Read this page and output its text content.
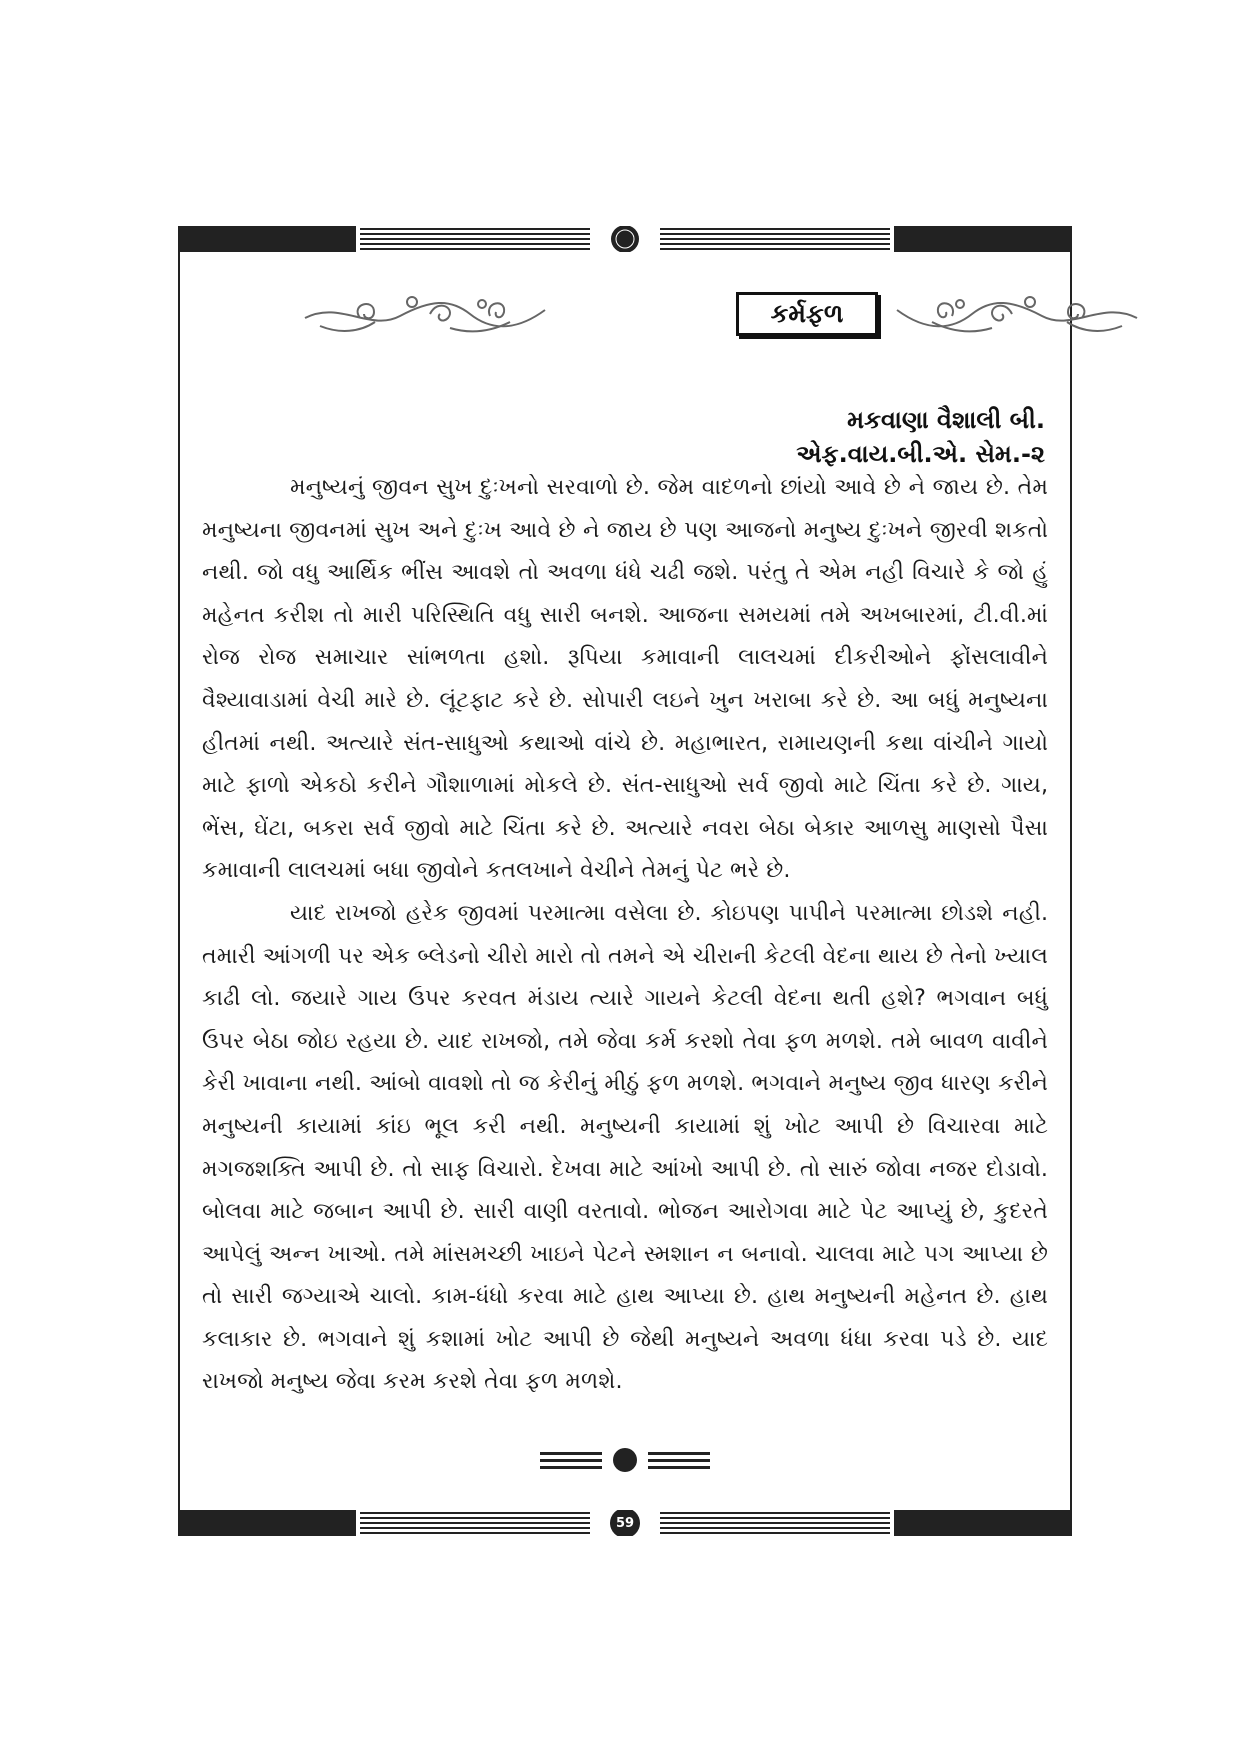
કર્મફળ
મકવાણા વૈશાલી બી.
એફ.વાય.બી.એ. સેમ.-૨

મનુષ્યનું જીવન સુખ દુઃખનો સરવાળો છે. જેમ વાદળનો છાંયો આવે છે ને જાય છે. તેમ મનુષ્યના જીવનમાં સુખ અને દુઃખ આવે છે ને જાય છે પણ આજનો મનુષ્ય દુઃખને જીરવી શકતો નથી. જો વધુ આર્થિક ભીંસ આવશે તો અવળા ધંધે ચઢી જશે. પરંતુ તે એમ નહી વિચારે કે જો હું મહેનત કરીશ તો મારી પરિસ્થિતિ વધુ સારી બનશે. આજના સમયમાં તમે અખબારમાં, ટી.વી.માં રોજ રોજ સમાચાર સાંભળતા હશો. રૂપિયા કમાવાની લાલચમાં દીકરીઓને ફોંસલાવીને વૈશ્યાવાડામાં વેચી મારે છે. લૂંટફાટ કરે છે. સોપારી લઇને ખુન ખરાબા કરે છે. આ બધું મનુષ્યના હીતમાં નથી. અત્યારે સંત-સાધુઓ કથાઓ વાંચે છે. મહાભારત, રામાયણની કથા વાંચીને ગાયો માટે ફાળો એકઠો કરીને ગૌશાળામાં મોકલે છે. સંત-સાધુઓ સર્વ જીવો માટે ચિંતા કરે છે. ગાય, ભેંસ, ઘેંટા, બકરા સર્વ જીવો માટે ચિંતા કરે છે. અત્યારે નવરા બેઠા બેકાર આળસુ માણસો પૈસા કમાવાની લાલચમાં બધા જીવોને કતલખાને વેચીને તેમનું પેટ ભરે છે.

યાદ રાખજો હરેક જીવમાં પરમાત્મા વસેલા છે. કોઇપણ પાપીને પરમાત્મા છોડશે નહી. તમારી આંગળી પર એક બ્લેડનો ચીરો મારો તો તમને એ ચીરાની કેટલી વેદના થાય છે તેનો ખ્યાલ કાઢી લો. જયારે ગાય ઉપર કરવત મંડાય ત્યારે ગાયને કેટલી વેદના થતી હશે? ભગવાન બધું ઉપર બેઠા જોઇ રહયા છે. યાદ રાખજો, તમે જેવા કર્મ કરશો તેવા ફળ મળશે. તમે બાવળ વાવીને કેરી ખાવાના નથી. આંબો વાવશો તો જ કેરીનું મીઠું ફળ મળશે. ભગવાને મનુષ્ય જીવ ધારણ કરીને મનુષ્યની કાયામાં કાંઇ ભૂલ કરી નથી. મનુષ્યની કાયામાં શું ખોટ આપી છે વિચારવા માટે મગજશક્તિ આપી છે. તો સાફ વિચારો. દેખવા માટે આંખો આપી છે. તો સારું જોવા નજર દોડાવો. બોલવા માટે જબાન આપી છે. સારી વાણી વરતાવો. ભોજન આરોગવા માટે પેટ આપ્યું છે, કુદરતે આપેલું અન્ન ખાઓ. તમે માંસમચ્છી ખાઇને પેટને સ્મશાન ન બનાવો. ચાલવા માટે પગ આપ્યા છે તો સારી જગ્યાએ ચાલો. કામ-ધંધો કરવા માટે હાથ આપ્યા છે. હાથ મનુષ્યની મહેનત છે. હાથ કલાકાર છે. ભગવાને શું કશામાં ખોટ આપી છે જેથી મનુષ્યને અવળા ધંધા કરવા પડે છે. યાદ રાખજો મનુષ્ય જેવા કરમ કરશે તેવા ફળ મળશે.

59
